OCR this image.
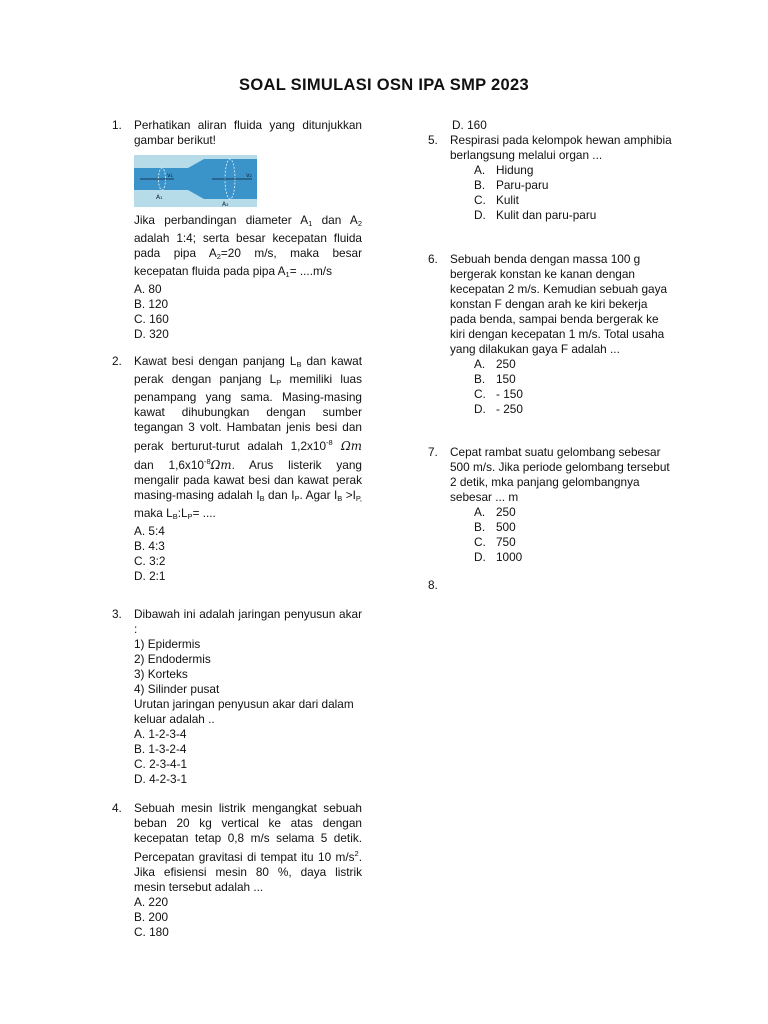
SOAL SIMULASI OSN IPA SMP 2023
1. Perhatikan aliran fluida yang ditunjukkan gambar berikut!
v₁	v₂
A₁
A₂
Jika perbandingan diameter $A_1$ dan $A_2$ adalah 1:4; serta besar kecepatan fluida pada pipa $A_2=20$ m/s, maka besar kecepatan fluida pada pipa $A_1= ....m/s$
A. 80
B. 120
C. 160
D. 320
2. Kawat besi dengan panjang $L_B$ dan kawat perak dengan panjang $L_P$ memiliki luas penampang yang sama. Masing-masing kawat dihubungkan dengan sumber tegangan 3 volt. Hambatan jenis besi dan perak berturut-turut adalah $1,2x10^{-8}$ Ωm dan $1,6x10^{-8}\Omega m$. Arus listerik yang mengalir pada kawat besi dan kawat perak masing-masing adalah $I_B$ dan $I_P$. Agar $I_B >I_{P,}$ maka $L_B:L_P=$ ....
A. 5:4
B. 4:3
C. 3:2
D. 2:1
3. Dibawah ini adalah jaringan penyusun akar :
1) Epidermis
2) Endodermis
3) Korteks
4) Silinder pusat
Urutan jaringan penyusun akar dari dalam keluar adalah ..
A. 1-2-3-4
B. 1-3-2-4
C. 2-3-4-1
D. 4-2-3-1
4. Sebuah mesin listrik mengangkat sebuah beban 20 kg vertical ke atas dengan kecepatan tetap 0,8 m/s selama 5 detik. Percepatan gravitasi di tempat itu 10 $m/s^2$. Jika efisiensi mesin 80 %, daya listrik mesin tersebut adalah ...
A. 220
B. 200
C. 180
D. 160
5. Respirasi pada kelompok hewan amphibia berlangsung melalui organ ...
A. Hidung
B. Paru-paru
C. Kulit
D. Kulit dan paru-paru
6. Sebuah benda dengan massa 100 g bergerak konstan ke kanan dengan kecepatan 2 m/s. Kemudian sebuah gaya konstan F dengan arah ke kiri bekerja pada benda, sampai benda bergerak ke kiri dengan kecepatan 1 m/s. Total usaha yang dilakukan gaya F adalah ...
A. 250
B. 150
C. - 150
D. - 250
7. Cepat rambat suatu gelombang sebesar 500 m/s. Jika periode gelombang tersebut 2 detik, mka panjang gelombangnya sebesar ... m
A. 250
B. 500
C. 750
D. 1000
8.
